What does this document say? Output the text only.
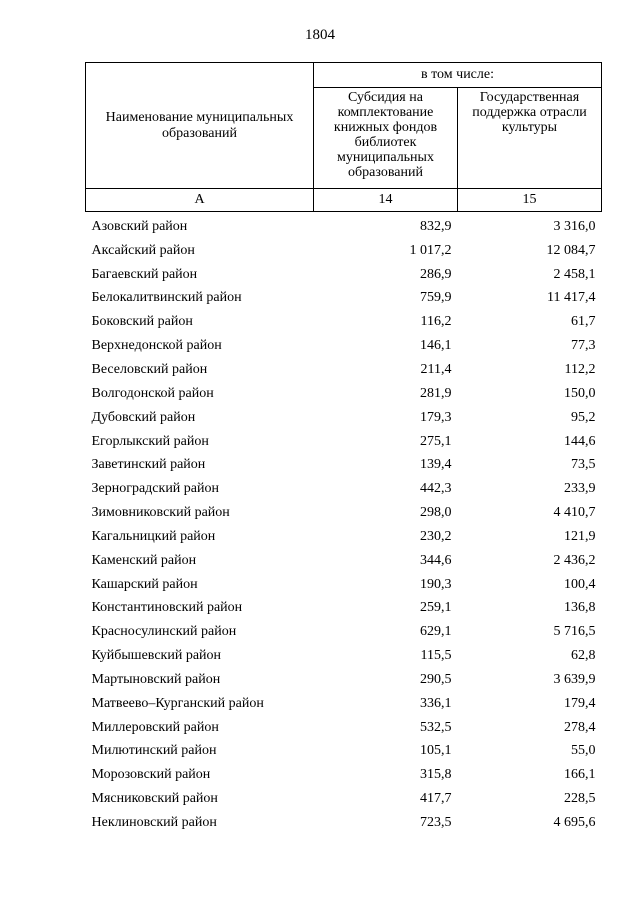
1804
Наименование муниципальных образований	в том числе:	
	Субсидия на комплектование книжных фондов библиотек муниципальных образований	Государственная поддержка отрасли культуры
А	14	15
Азовский район	832,9	3 316,0
Аксайский район	1 017,2	12 084,7
Багаевский район	286,9	2 458,1
Белокалитвинский район	759,9	11 417,4
Боковский район	116,2	61,7
Верхнедонской район	146,1	77,3
Веселовский район	211,4	112,2
Волгодонской район	281,9	150,0
Дубовский район	179,3	95,2
Егорлыкский район	275,1	144,6
Заветинский район	139,4	73,5
Зерноградский район	442,3	233,9
Зимовниковский район	298,0	4 410,7
Кагальницкий район	230,2	121,9
Каменский район	344,6	2 436,2
Кашарский район	190,3	100,4
Константиновский район	259,1	136,8
Красносулинский район	629,1	5 716,5
Куйбышевский район	115,5	62,8
Мартыновский район	290,5	3 639,9
Матвеево–Курганский район	336,1	179,4
Миллеровский район	532,5	278,4
Милютинский район	105,1	55,0
Морозовский район	315,8	166,1
Мясниковский район	417,7	228,5
Неклиновский район	723,5	4 695,6
